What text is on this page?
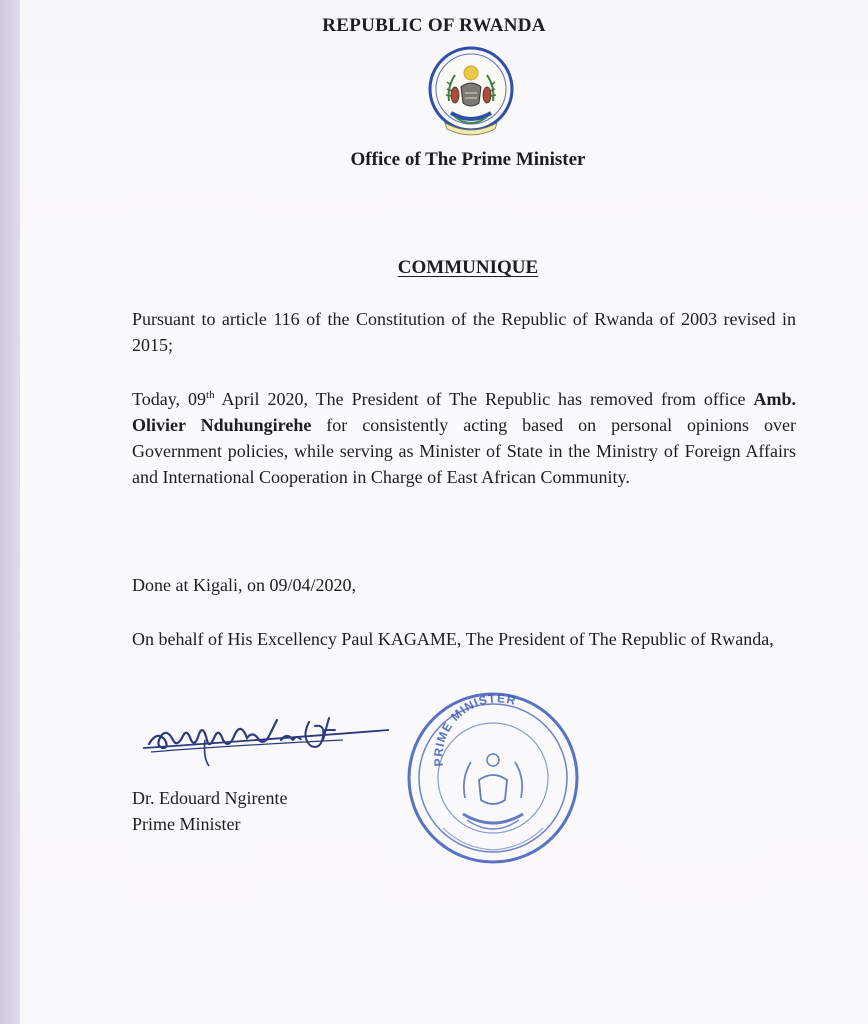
REPUBLIC OF RWANDA
Office of The Prime Minister
COMMUNIQUE
Pursuant to article 116 of the Constitution of the Republic of Rwanda of 2003 revised in 2015;
Today, 09th April 2020, The President of The Republic has removed from office Amb. Olivier Nduhungirehe for consistently acting based on personal opinions over Government policies, while serving as Minister of State in the Ministry of Foreign Affairs and International Cooperation in Charge of East African Community.
Done at Kigali, on 09/04/2020,
On behalf of His Excellency Paul KAGAME, The President of The Republic of Rwanda,
Dr. Edouard Ngirente
Prime Minister
PRIME MINISTER
